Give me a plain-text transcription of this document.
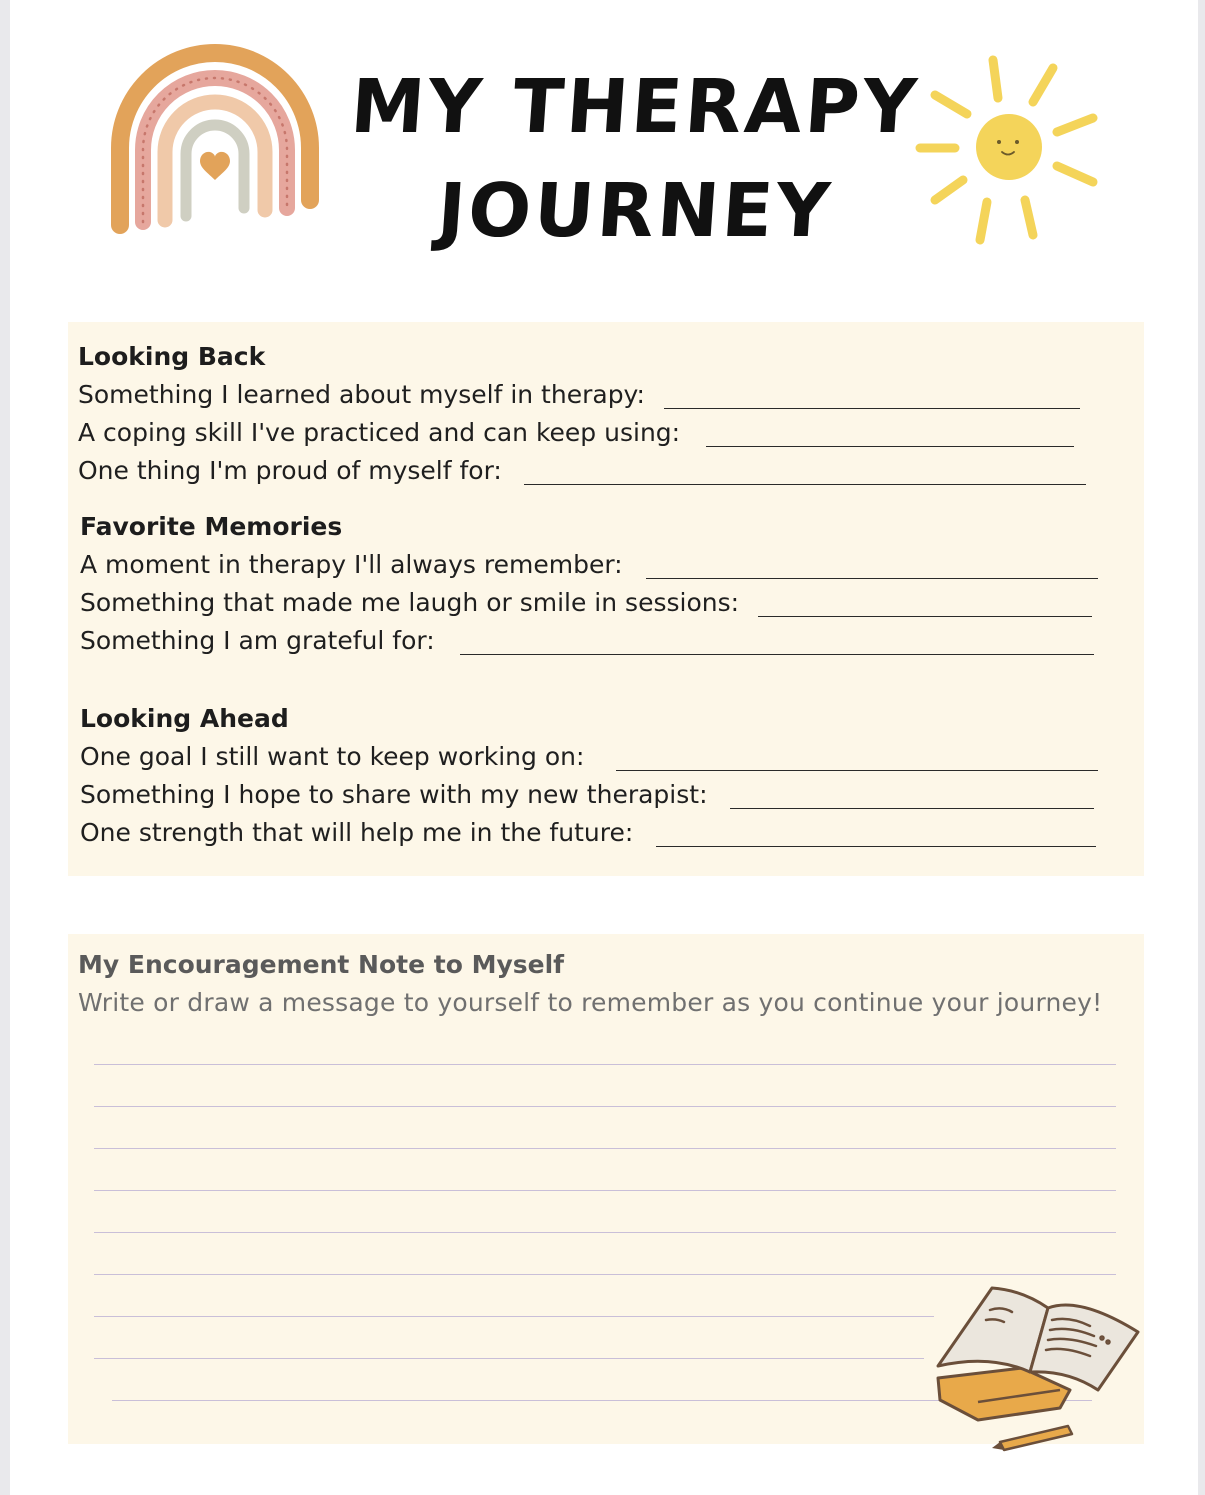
MY THERAPY
JOURNEY
Looking Back
Something I learned about myself in therapy:
A coping skill I've practiced and can keep using:
One thing I'm proud of myself for:
Favorite Memories
A moment in therapy I'll always remember:
Something that made me laugh or smile in sessions:
Something I am grateful for:
Looking Ahead
One goal I still want to keep working on:
Something I hope to share with my new therapist:
One strength that will help me in the future:
My Encouragement Note to Myself
Write or draw a message to yourself to remember as you continue your journey!
